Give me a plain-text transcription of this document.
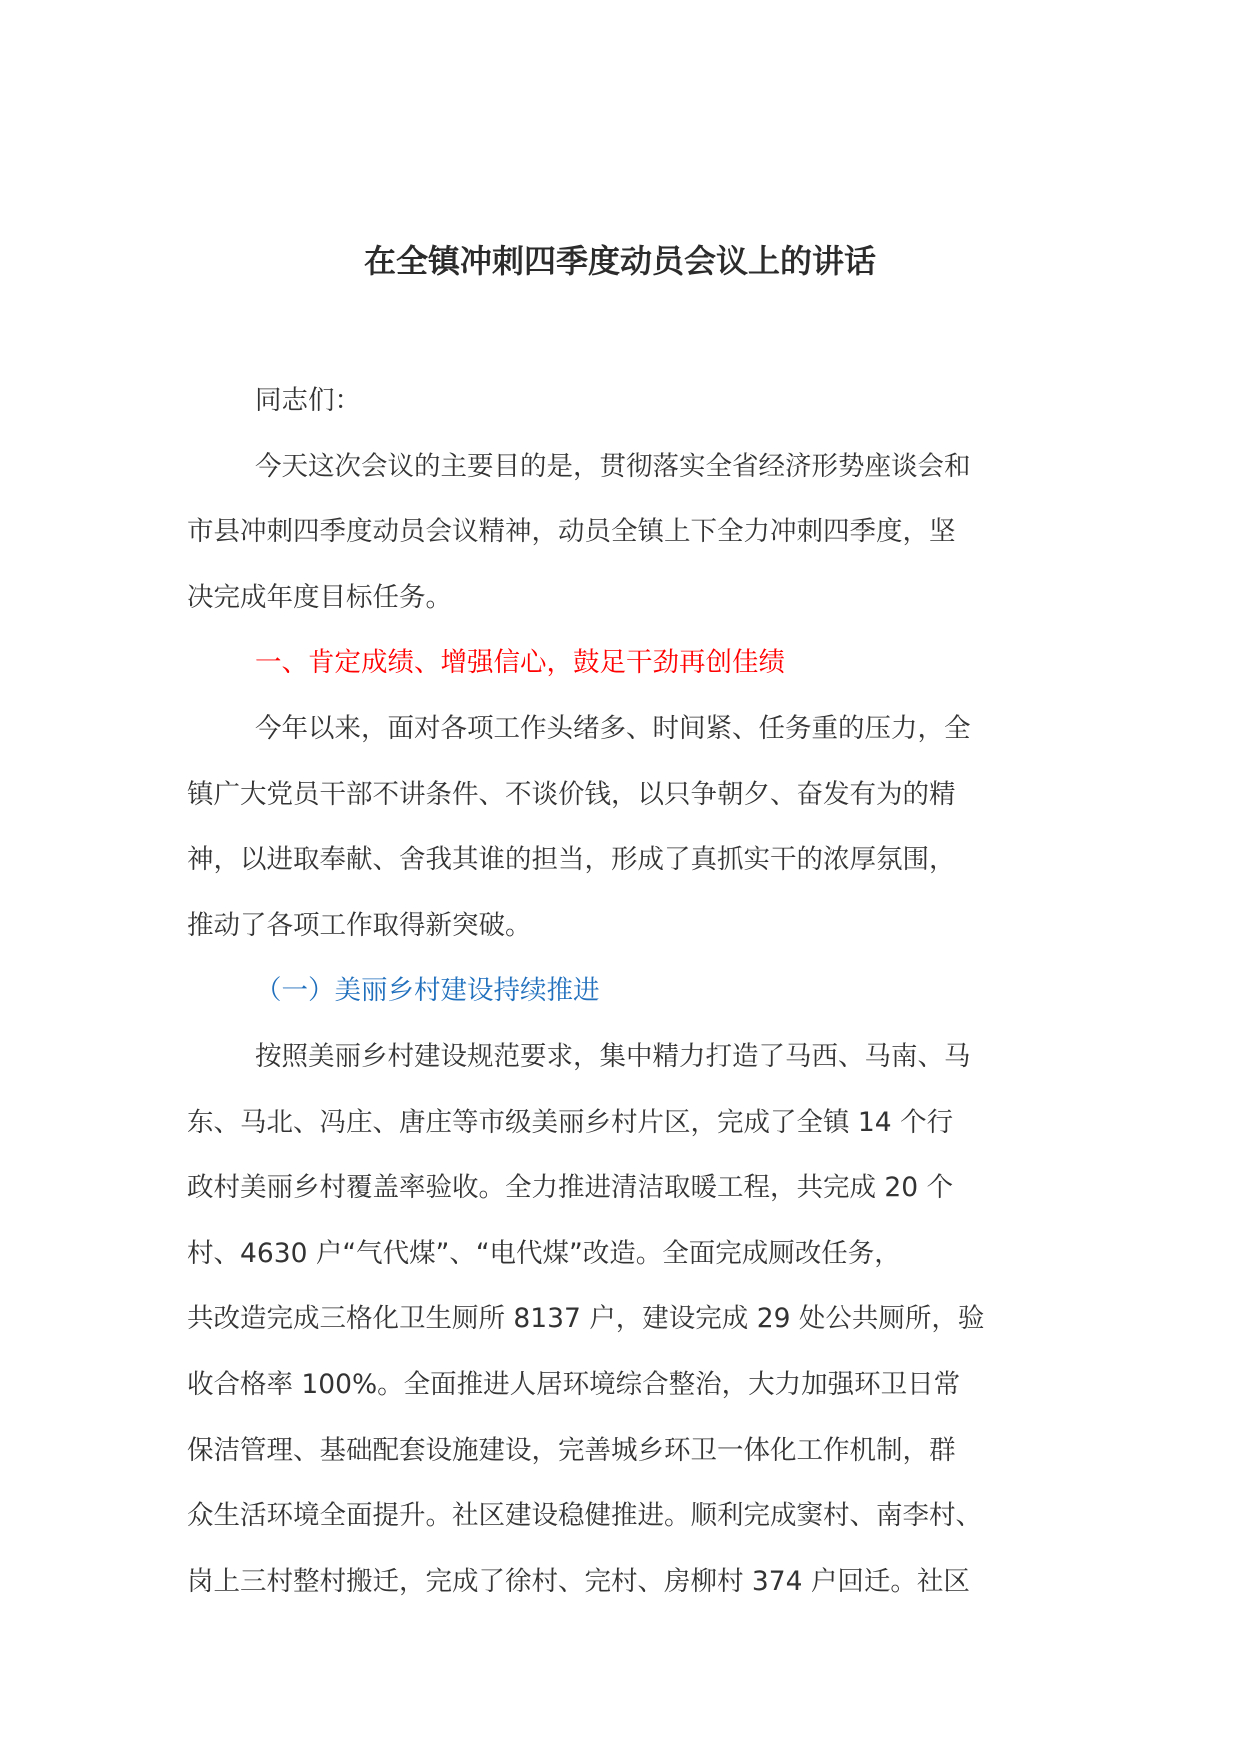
在全镇冲刺四季度动员会议上的讲话

同志们：

今天这次会议的主要目的是，贯彻落实全省经济形势座谈会和

市县冲刺四季度动员会议精神，动员全镇上下全力冲刺四季度，坚

决完成年度目标任务。

一、肯定成绩、增强信心，鼓足干劲再创佳绩

今年以来，面对各项工作头绪多、时间紧、任务重的压力，全

镇广大党员干部不讲条件、不谈价钱，以只争朝夕、奋发有为的精

神，以进取奉献、舍我其谁的担当，形成了真抓实干的浓厚氛围，

推动了各项工作取得新突破。

（一）美丽乡村建设持续推进

按照美丽乡村建设规范要求，集中精力打造了马西、马南、马

东、马北、冯庄、唐庄等市级美丽乡村片区，完成了全镇 14 个行

政村美丽乡村覆盖率验收。全力推进清洁取暖工程，共完成 20 个

村、4630 户“气代煤”、“电代煤”改造。全面完成厕改任务，

共改造完成三格化卫生厕所 8137 户，建设完成 29 处公共厕所，验

收合格率 100%。全面推进人居环境综合整治，大力加强环卫日常

保洁管理、基础配套设施建设，完善城乡环卫一体化工作机制，群

众生活环境全面提升。社区建设稳健推进。顺利完成窦村、南李村、

岗上三村整村搬迁，完成了徐村、完村、房柳村 374 户回迁。社区
